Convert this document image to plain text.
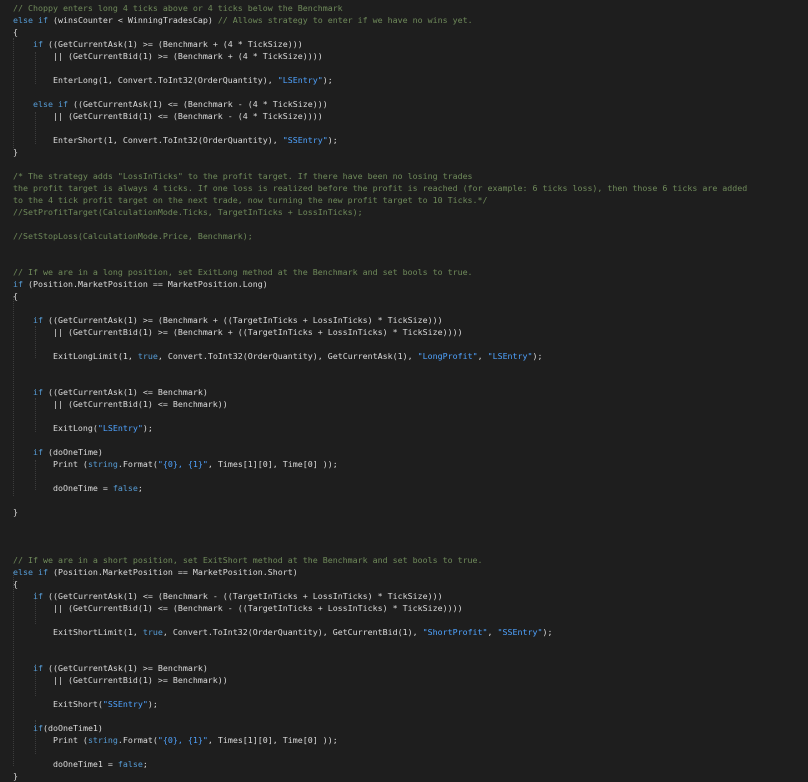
// Choppy enters long 4 ticks above or 4 ticks below the Benchmark
else if (winsCounter < WinningTradesCap) // Allows strategy to enter if we have no wins yet.
{
if ((GetCurrentAsk(1) >= (Benchmark + (4 * TickSize)))
|| (GetCurrentBid(1) >= (Benchmark + (4 * TickSize))))
EnterLong(1, Convert.ToInt32(OrderQuantity), "LSEntry");
else if ((GetCurrentAsk(1) <= (Benchmark - (4 * TickSize)))
|| (GetCurrentBid(1) <= (Benchmark - (4 * TickSize))))
EnterShort(1, Convert.ToInt32(OrderQuantity), "SSEntry");
}
/* The strategy adds "LossInTicks" to the profit target. If there have been no losing trades
the profit target is always 4 ticks. If one loss is realized before the profit is reached (for example: 6 ticks loss), then those 6 ticks are added
to the 4 tick profit target on the next trade, now turning the new profit target to 10 Ticks.*/
//SetProfitTarget(CalculationMode.Ticks, TargetInTicks + LossInTicks);
//SetStopLoss(CalculationMode.Price, Benchmark);
// If we are in a long position, set ExitLong method at the Benchmark and set bools to true.
if (Position.MarketPosition == MarketPosition.Long)
{
if ((GetCurrentAsk(1) >= (Benchmark + ((TargetInTicks + LossInTicks) * TickSize)))
|| (GetCurrentBid(1) >= (Benchmark + ((TargetInTicks + LossInTicks) * TickSize))))
ExitLongLimit(1, true, Convert.ToInt32(OrderQuantity), GetCurrentAsk(1), "LongProfit", "LSEntry");
if ((GetCurrentAsk(1) <= Benchmark)
|| (GetCurrentBid(1) <= Benchmark))
ExitLong("LSEntry");
if (doOneTime)
Print (string.Format("{0}, {1}", Times[1][0], Time[0] ));
doOneTime = false;
}
// If we are in a short position, set ExitShort method at the Benchmark and set bools to true.
else if (Position.MarketPosition == MarketPosition.Short)
{
if ((GetCurrentAsk(1) <= (Benchmark - ((TargetInTicks + LossInTicks) * TickSize)))
|| (GetCurrentBid(1) <= (Benchmark - ((TargetInTicks + LossInTicks) * TickSize))))
ExitShortLimit(1, true, Convert.ToInt32(OrderQuantity), GetCurrentBid(1), "ShortProfit", "SSEntry");
if ((GetCurrentAsk(1) >= Benchmark)
|| (GetCurrentBid(1) >= Benchmark))
ExitShort("SSEntry");
if(doOneTime1)
Print (string.Format("{0}, {1}", Times[1][0], Time[0] ));
doOneTime1 = false;
}
